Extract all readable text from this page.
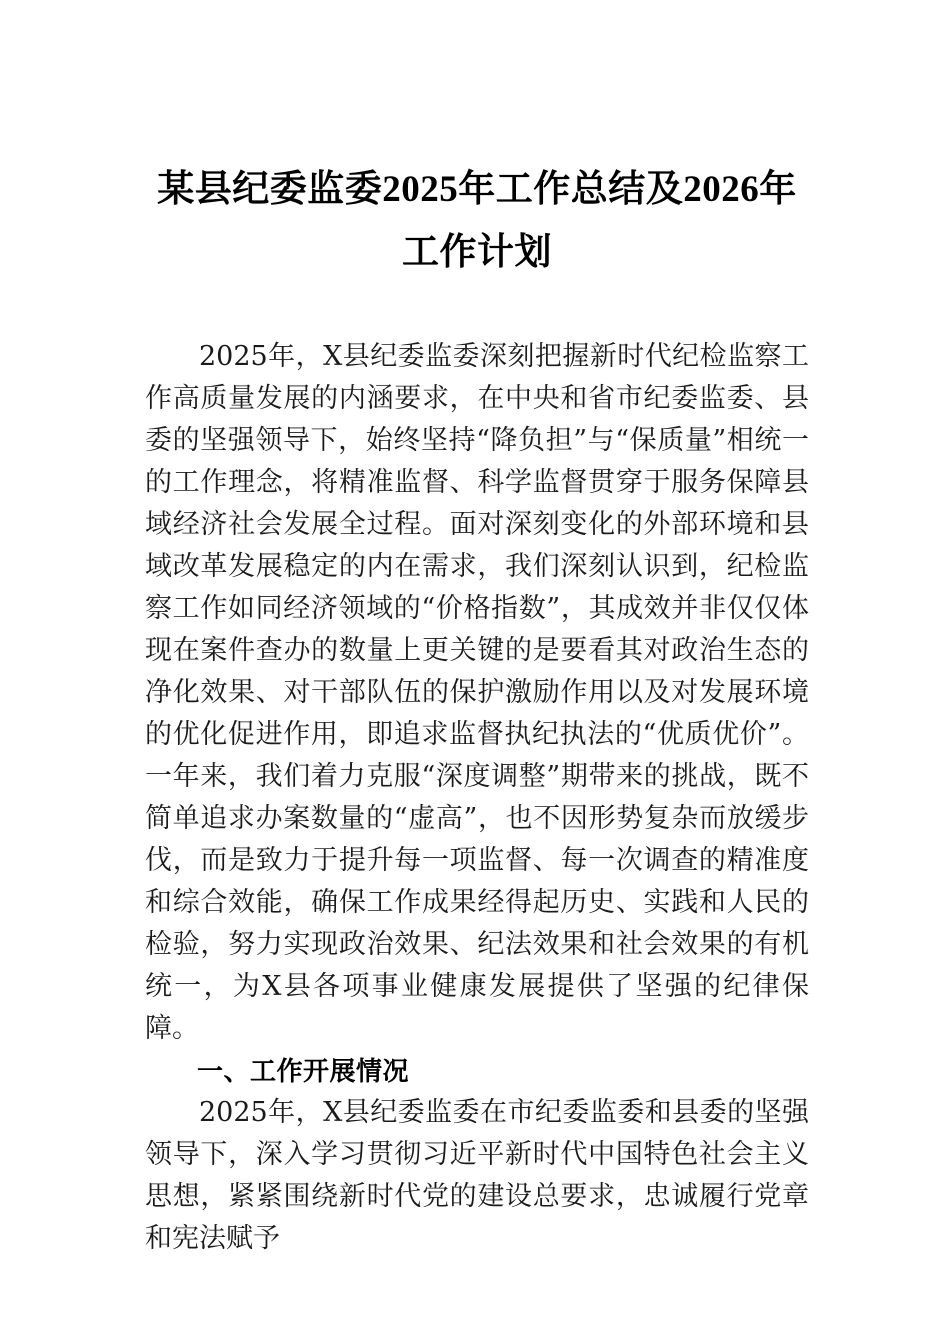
某县纪委监委2025年工作总结及2026年工作计划

2025年，X县纪委监委深刻把握新时代纪检监察工作高质量发展的内涵要求，在中央和省市纪委监委、县委的坚强领导下，始终坚持“降负担”与“保质量”相统一的工作理念，将精准监督、科学监督贯穿于服务保障县域经济社会发展全过程。面对深刻变化的外部环境和县域改革发展稳定的内在需求，我们深刻认识到，纪检监察工作如同经济领域的“价格指数”，其成效并非仅仅体现在案件查办的数量上更关键的是要看其对政治生态的净化效果、对干部队伍的保护激励作用以及对发展环境的优化促进作用，即追求监督执纪执法的“优质优价”。一年来，我们着力克服“深度调整”期带来的挑战，既不简单追求办案数量的“虚高”，也不因形势复杂而放缓步伐，而是致力于提升每一项监督、每一次调查的精准度和综合效能，确保工作成果经得起历史、实践和人民的检验，努力实现政治效果、纪法效果和社会效果的有机统一，为X县各项事业健康发展提供了坚强的纪律保障。

一、工作开展情况

2025年，X县纪委监委在市纪委监委和县委的坚强领导下，深入学习贯彻习近平新时代中国特色社会主义思想，紧紧围绕新时代党的建设总要求，忠诚履行党章和宪法赋予
